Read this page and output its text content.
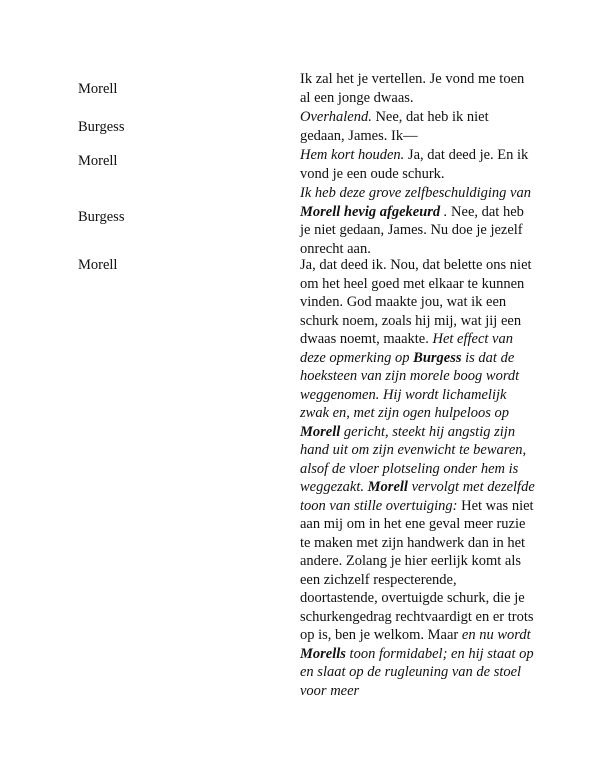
Morell
Ik zal het je vertellen. Je vond me toen al een jonge dwaas.
Burgess
Overhalend. Nee, dat heb ik niet gedaan, James. Ik—
Morell	Hem kort houden. Ja, dat deed je. En ik vond je een oude schurk.
Burgess
Ik heb deze grove zelfbeschuldiging van Morell hevig afgekeurd . Nee, dat heb je niet gedaan, James. Nu doe je jezelf onrecht aan.
Morell	Ja, dat deed ik. Nou, dat belette ons niet om het heel goed met elkaar te kunnen vinden. God maakte jou, wat ik een schurk noem, zoals hij mij, wat jij een dwaas noemt, maakte. Het effect van deze opmerking op Burgess is dat de hoeksteen van zijn morele boog wordt weggenomen. Hij wordt lichamelijk zwak en, met zijn ogen hulpeloos op Morell gericht, steekt hij angstig zijn hand uit om zijn evenwicht te bewaren, alsof de vloer plotseling onder hem is weggezakt. Morell vervolgt met dezelfde toon van stille overtuiging: Het was niet aan mij om in het ene geval meer ruzie te maken met zijn handwerk dan in het andere. Zolang je hier eerlijk komt als een zichzelf respecterende, doortastende, overtuigde schurk, die je schurkengedrag rechtvaardigt en er trots op is, ben je welkom. Maar en nu wordt Morells toon formidabel; en hij staat op en slaat op de rugleuning van de stoel voor meer
